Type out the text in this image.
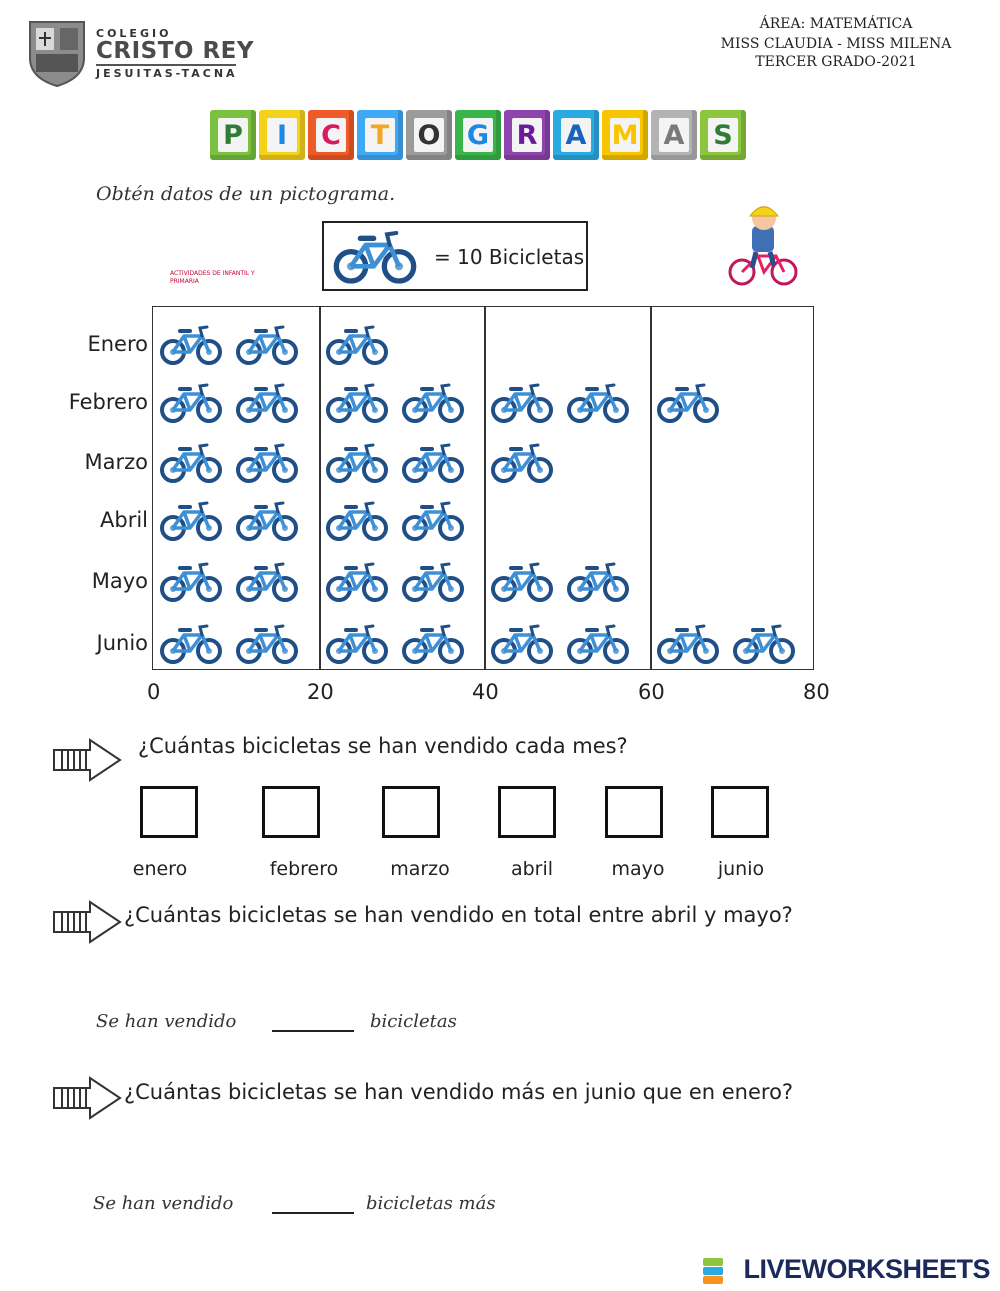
COLEGIO
CRISTO REY
JESUITAS-TACNA
ÁREA: MATEMÁTICA
MISS CLAUDIA - MISS MILENA
TERCER GRADO-2021
P	I	C T O G R A M A S
Obtén datos de un pictograma.
= 10 Bicicletas
ACTIVIDADES DE INFANTIL Y PRIMARIA
Enero
Febrero
Marzo
Abril
Mayo
Junio
0	20	40	60	80
¿Cuántas bicicletas se han vendido cada mes?
enero	febrero	marzo	abril	mayo	junio
¿Cuántas bicicletas se han vendido en total entre abril y mayo?
Se han vendido	bicicletas
¿Cuántas bicicletas se han vendido más en junio que en enero?
Se han vendido	bicicletas más
LIVEWORKSHEETS
